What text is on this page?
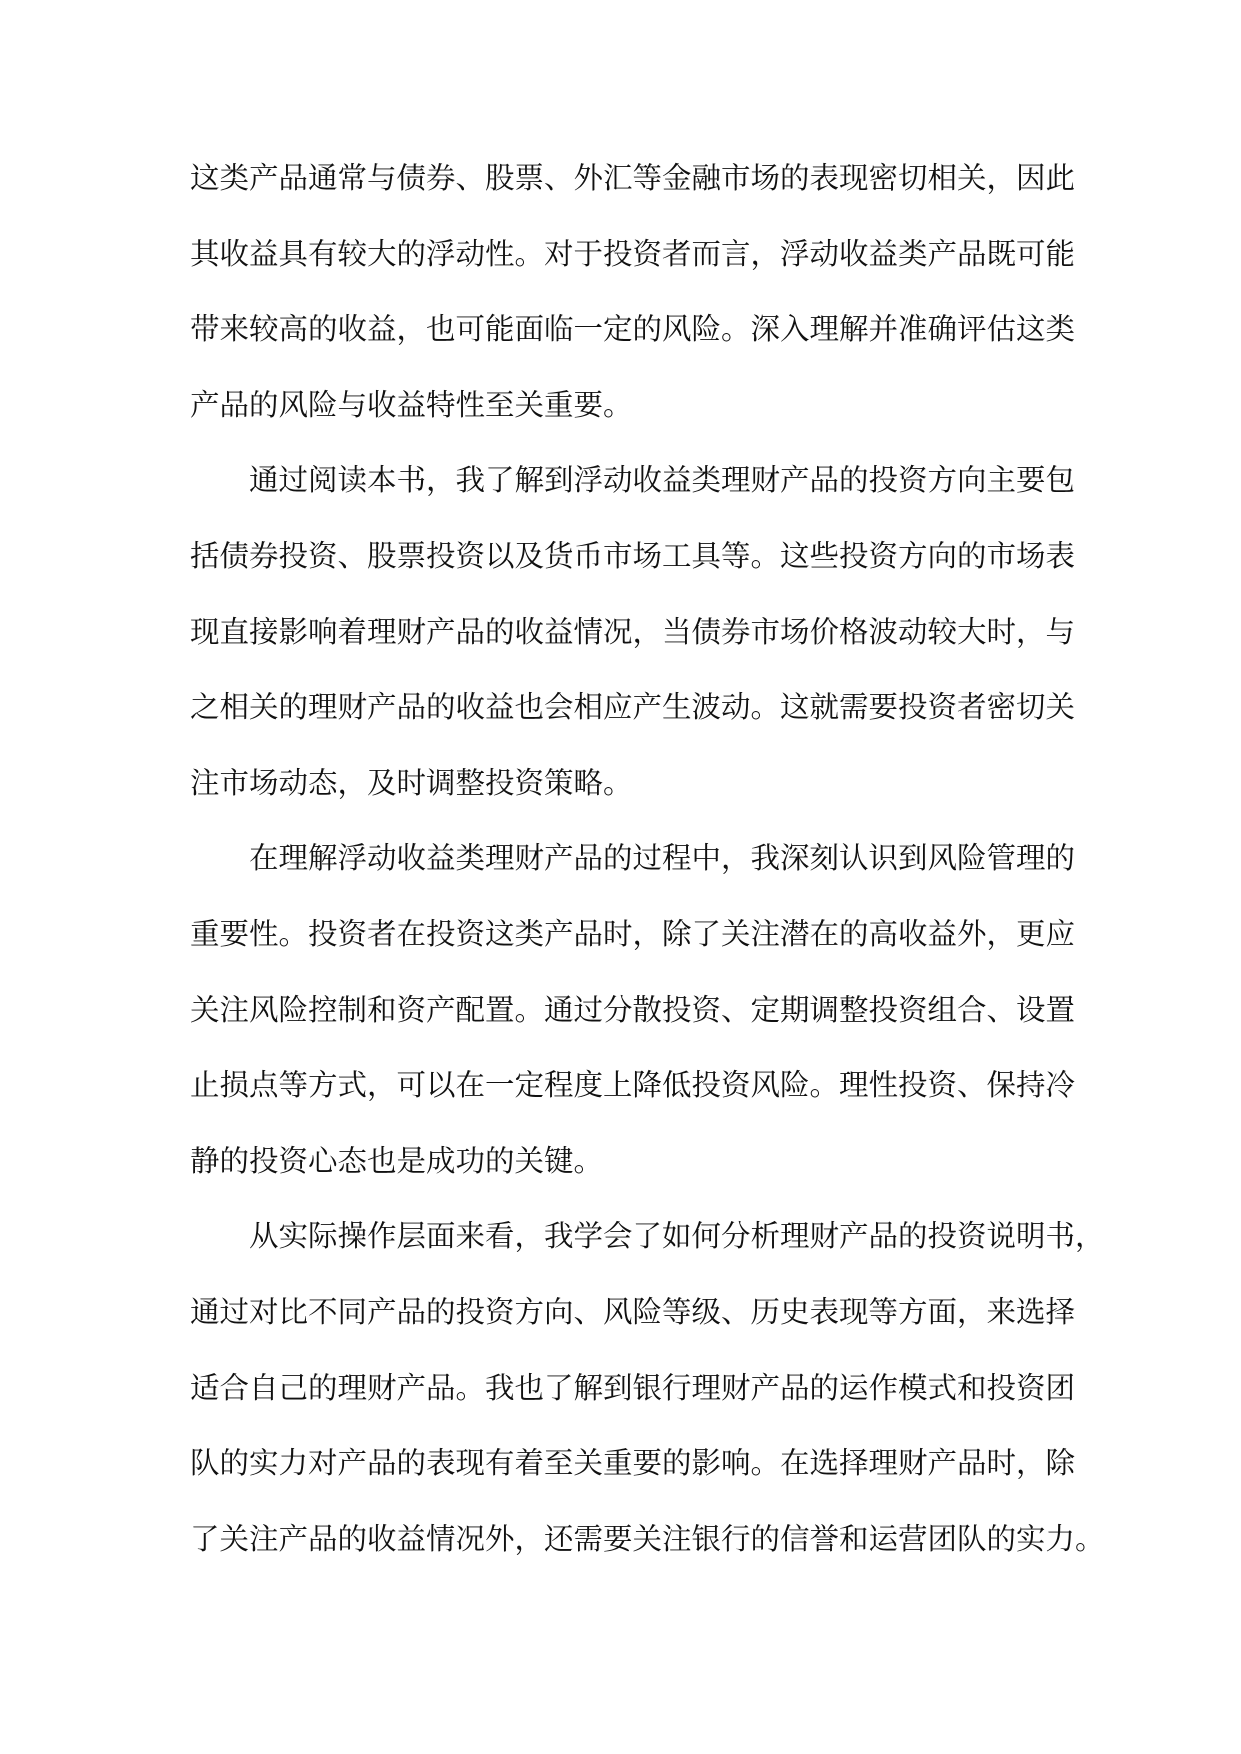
这类产品通常与债券、股票、外汇等金融市场的表现密切相关，因此
其收益具有较大的浮动性。对于投资者而言，浮动收益类产品既可能
带来较高的收益，也可能面临一定的风险。深入理解并准确评估这类
产品的风险与收益特性至关重要。
通过阅读本书，我了解到浮动收益类理财产品的投资方向主要包
括债券投资、股票投资以及货币市场工具等。这些投资方向的市场表
现直接影响着理财产品的收益情况，当债券市场价格波动较大时，与
之相关的理财产品的收益也会相应产生波动。这就需要投资者密切关
注市场动态，及时调整投资策略。
在理解浮动收益类理财产品的过程中，我深刻认识到风险管理的
重要性。投资者在投资这类产品时，除了关注潜在的高收益外，更应
关注风险控制和资产配置。通过分散投资、定期调整投资组合、设置
止损点等方式，可以在一定程度上降低投资风险。理性投资、保持冷
静的投资心态也是成功的关键。
从实际操作层面来看，我学会了如何分析理财产品的投资说明书，
通过对比不同产品的投资方向、风险等级、历史表现等方面，来选择
适合自己的理财产品。我也了解到银行理财产品的运作模式和投资团
队的实力对产品的表现有着至关重要的影响。在选择理财产品时，除
了关注产品的收益情况外，还需要关注银行的信誉和运营团队的实力。
